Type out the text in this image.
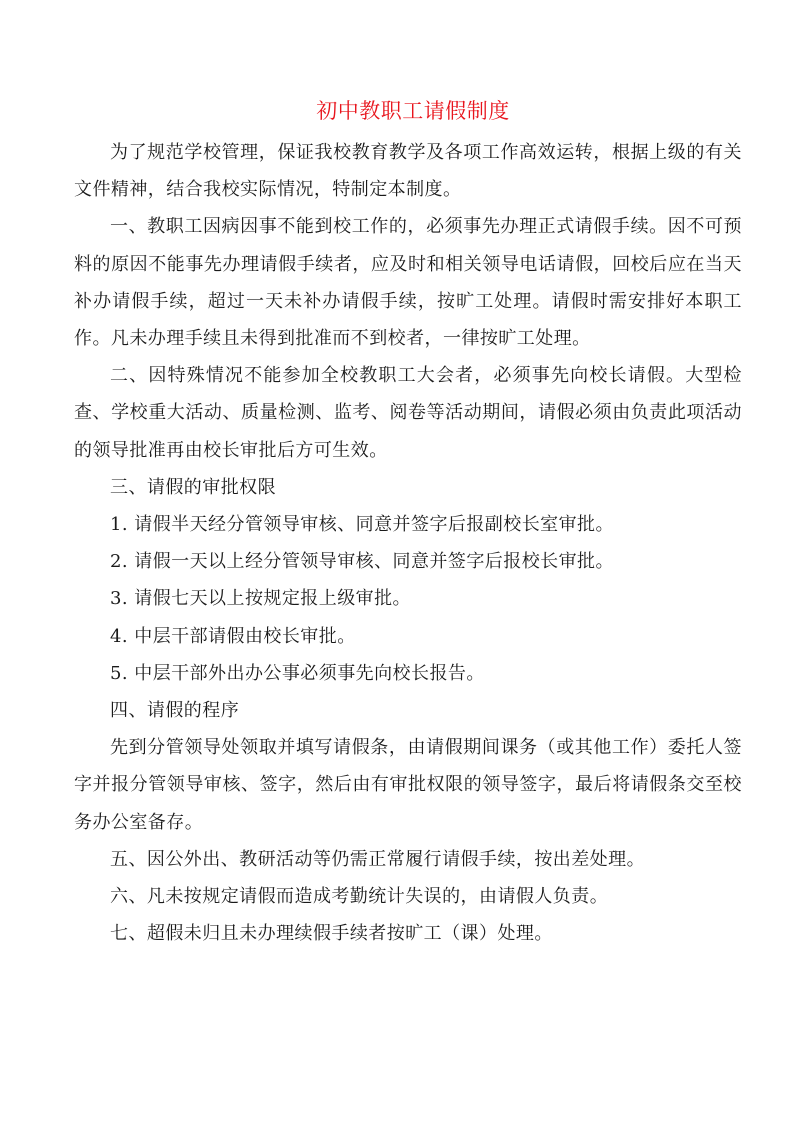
初中教职工请假制度

为了规范学校管理，保证我校教育教学及各项工作高效运转，根据上级的有关文件精神，结合我校实际情况，特制定本制度。

一、教职工因病因事不能到校工作的，必须事先办理正式请假手续。因不可预料的原因不能事先办理请假手续者，应及时和相关领导电话请假，回校后应在当天补办请假手续，超过一天未补办请假手续，按旷工处理。请假时需安排好本职工作。凡未办理手续且未得到批准而不到校者，一律按旷工处理。

二、因特殊情况不能参加全校教职工大会者，必须事先向校长请假。大型检查、学校重大活动、质量检测、监考、阅卷等活动期间，请假必须由负责此项活动的领导批准再由校长审批后方可生效。

三、请假的审批权限

1. 请假半天经分管领导审核、同意并签字后报副校长室审批。

2. 请假一天以上经分管领导审核、同意并签字后报校长审批。

3. 请假七天以上按规定报上级审批。

4. 中层干部请假由校长审批。

5. 中层干部外出办公事必须事先向校长报告。

四、请假的程序

先到分管领导处领取并填写请假条，由请假期间课务（或其他工作）委托人签字并报分管领导审核、签字，然后由有审批权限的领导签字，最后将请假条交至校务办公室备存。

五、因公外出、教研活动等仍需正常履行请假手续，按出差处理。

六、凡未按规定请假而造成考勤统计失误的，由请假人负责。

七、超假未归且未办理续假手续者按旷工（课）处理。
